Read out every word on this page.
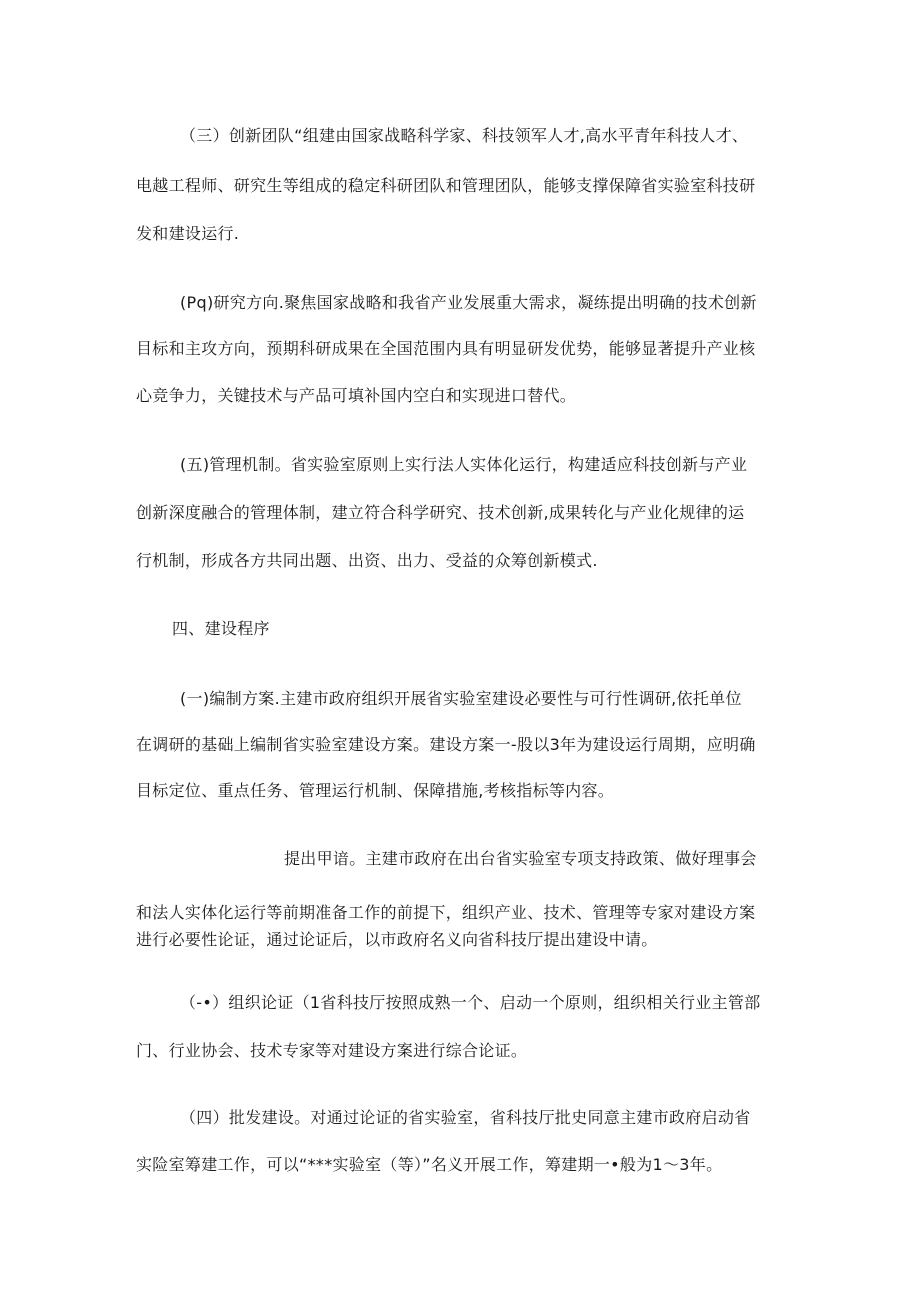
（三）创新团队“组建由国家战略科学家、科技领军人才,高水平青年科技人才、
电越工程师、研究生等组成的稳定科研团队和管理团队，能够支撑保障省实验室科技研
发和建设运行.
(Pq)研究方向.聚焦国家战略和我省产业发展重大需求，凝练提出明确的技术创新
目标和主攻方向，预期科研成果在全国范围内具有明显研发优势，能够显著提升产业核
心竞争力，关键技术与产品可填补国内空白和实现进口替代。
(五)管理机制。省实验室原则上实行法人实体化运行，构建适应科技创新与产业
创新深度融合的管理体制，建立符合科学研究、技术创新,成果转化与产业化规律的运
行机制，形成各方共同出题、出资、出力、受益的众筹创新模式.
四、建设程序
(一)编制方案.主建市政府组织开展省实验室建设必要性与可行性调研,依托单位
在调研的基础上编制省实验室建设方案。建设方案一-股以3年为建设运行周期，应明确
目标定位、重点任务、管理运行机制、保障措施,考核指标等内容。
提出甲谙。主建市政府在出台省实验室专项支持政策、做好理事会
和法人实体化运行等前期准备工作的前提下，组织产业、技术、管理等专家对建设方案
进行必要性论证，通过论证后，以市政府名义向省科技厅提出建设中请。
（-•）组织论证（1省科技厅按照成熟一个、启动一个原则，组织相关行业主管部
门、行业协会、技术专家等对建设方案进行综合论证。
（四）批发建设。对通过论证的省实验室，省科技厅批史同意主建市政府启动省
实险室筹建工作，可以“***实验室（等）”名义开展工作，筹建期一•般为1〜3年。
